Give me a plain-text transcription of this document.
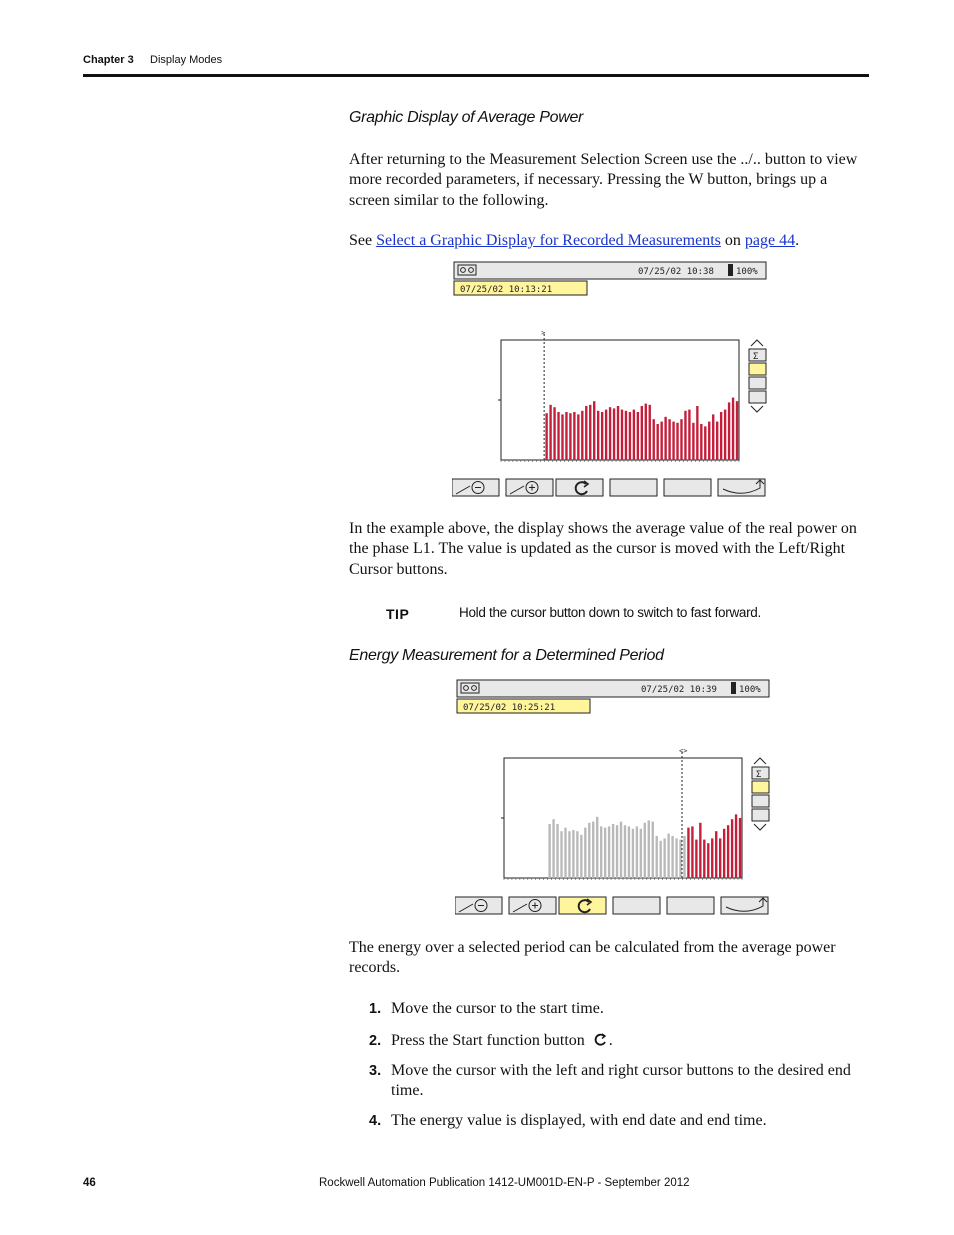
Chapter 3 Display Modes
Graphic Display of Average Power
After returning to the Measurement Selection Screen use the ../.. button to view more recorded parameters, if necessary. Pressing the W button, brings up a screen similar to the following.
See Select a Graphic Display for Recorded Measurements on page 44.
07/25/02 10:38 100%
07/25/02 10:13:21
>
Σ
In the example above, the display shows the average value of the real power on the phase L1. The value is updated as the cursor is moved with the Left/Right Cursor buttons.
TIP	Hold the cursor button down to switch to fast forward.
Energy Measurement for a Determined Period
07/25/02 10:39 100%
07/25/02 10:25:21
<>
Σ
The energy over a selected period can be calculated from the average power records.
1. Move the cursor to the start time.
2. Press the Start function button .
3. Move the cursor with the left and right cursor buttons to the desired end time.
4. The energy value is displayed, with end date and end time.
46	Rockwell Automation Publication 1412-UM001D-EN-P - September 2012
